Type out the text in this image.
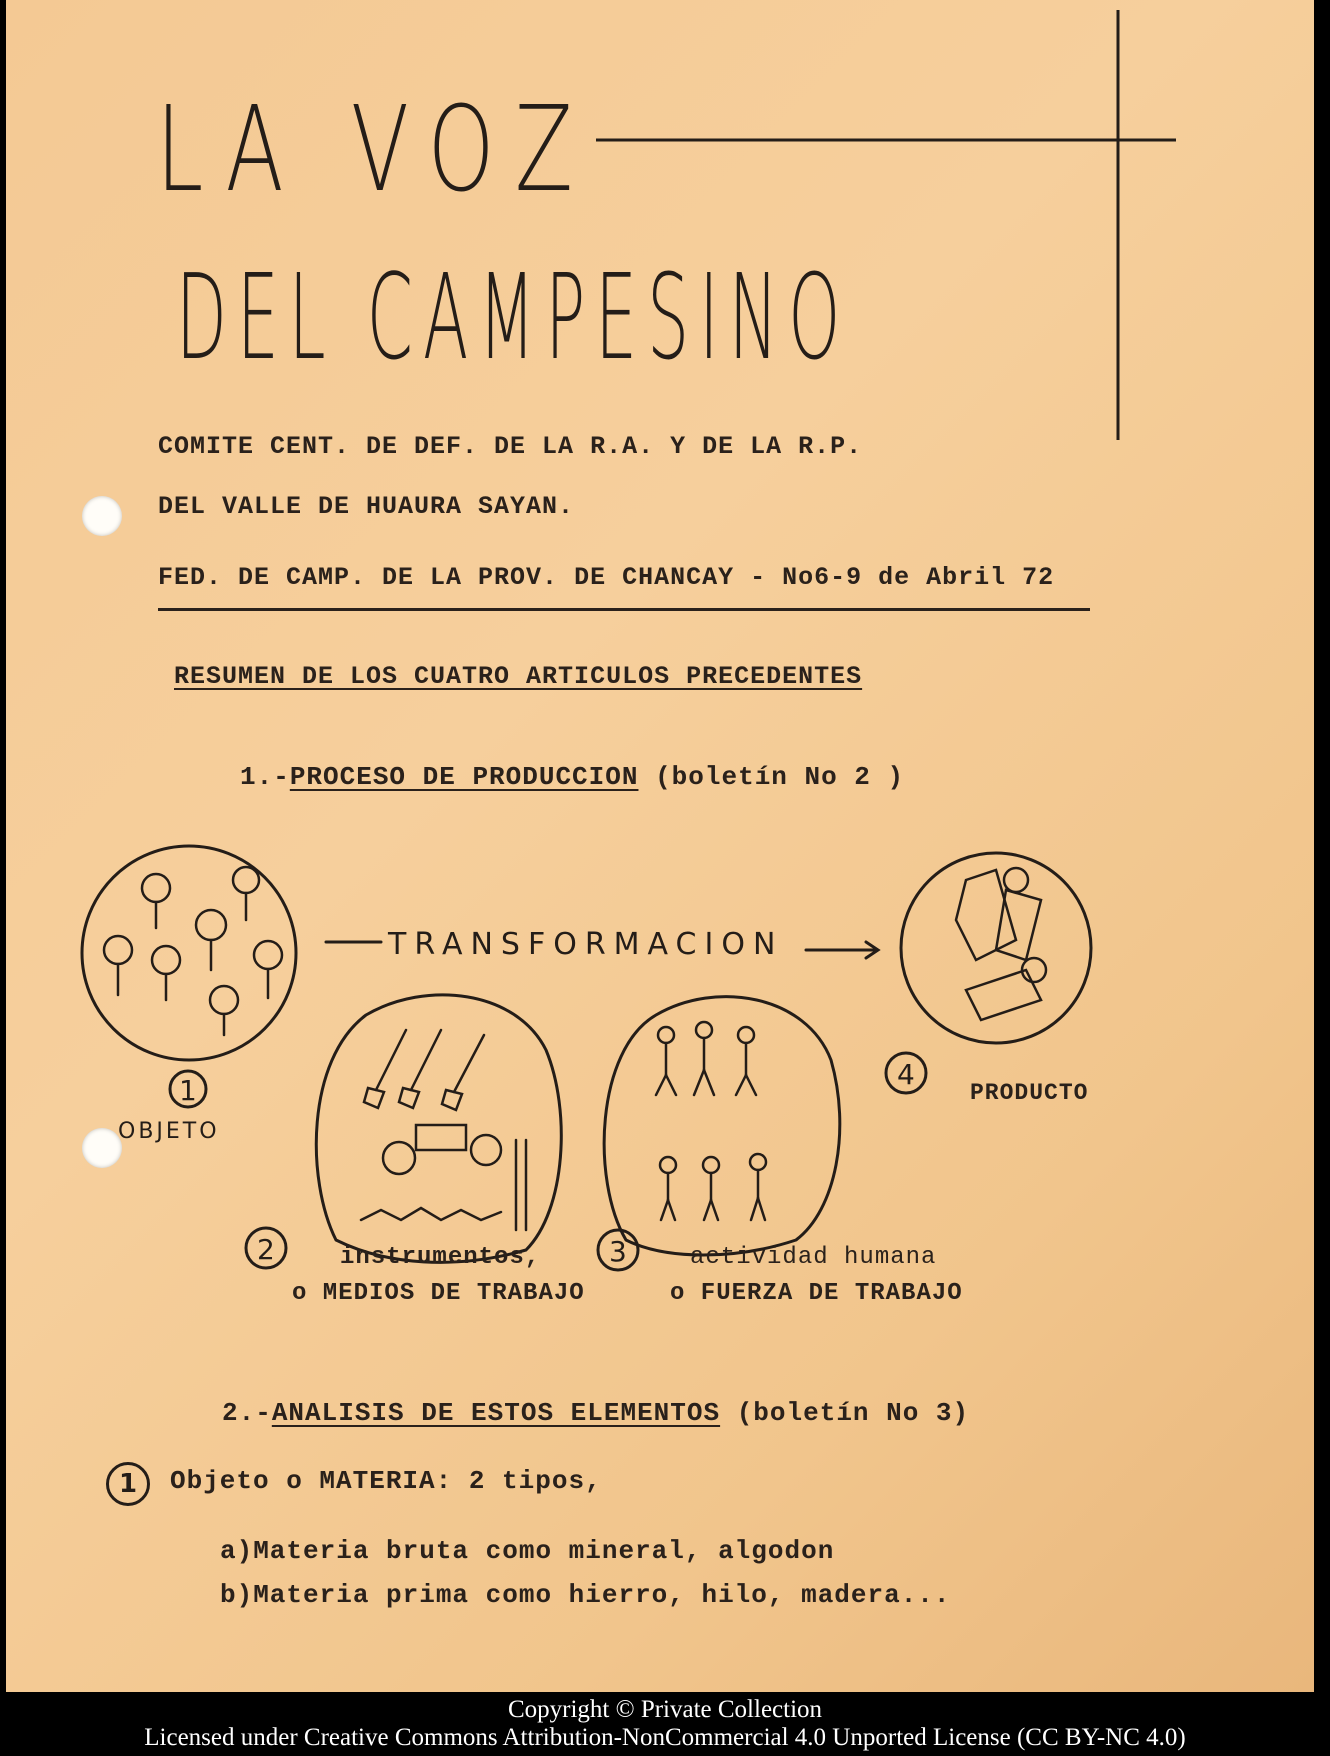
LA VOZ
DEL CAMPESINO
COMITE CENT. DE DEF. DE LA R.A. Y DE LA R.P.
DEL VALLE DE HUAURA SAYAN.
FED. DE CAMP. DE LA PROV. DE CHANCAY - No6-9 de Abril 72
RESUMEN DE LOS CUATRO ARTICULOS PRECEDENTES
1.-PROCESO DE PRODUCCION (boletín No 2 )
TRANSFORMACION
1
2	3
4
OBJETO
PRODUCTO
instrumentos,
o MEDIOS DE TRABAJO
actividad humana
o FUERZA DE TRABAJO
2.-ANALISIS DE ESTOS ELEMENTOS (boletín No 3)
1	Objeto o MATERIA: 2 tipos,
a)Materia bruta como mineral, algodon
b)Materia prima como hierro, hilo, madera...
Copyright © Private Collection
Licensed under Creative Commons Attribution-NonCommercial 4.0 Unported License (CC BY-NC 4.0)
